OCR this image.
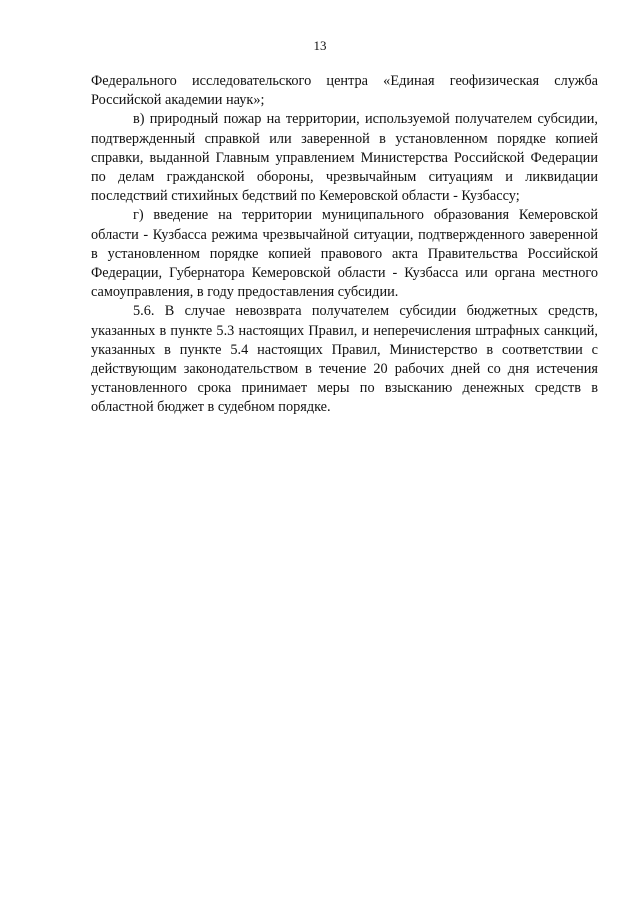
13

Федерального исследовательского центра «Единая геофизическая служба Российской академии наук»;

в) природный пожар на территории, используемой получателем субсидии, подтвержденный справкой или заверенной в установленном порядке копией справки, выданной Главным управлением Министерства Российской Федерации по делам гражданской обороны, чрезвычайным ситуациям и ликвидации последствий стихийных бедствий по Кемеровской области - Кузбассу;

г) введение на территории муниципального образования Кемеровской области - Кузбасса режима чрезвычайной ситуации, подтвержденного заверенной в установленном порядке копией правового акта Правительства Российской Федерации, Губернатора Кемеровской области - Кузбасса или органа местного самоуправления, в году предоставления субсидии.

5.6. В случае невозврата получателем субсидии бюджетных средств, указанных в пункте 5.3 настоящих Правил, и неперечисления штрафных санкций, указанных в пункте 5.4 настоящих Правил, Министерство в соответствии с действующим законодательством в течение 20 рабочих дней со дня истечения установленного срока принимает меры по взысканию денежных средств в областной бюджет в судебном порядке.
